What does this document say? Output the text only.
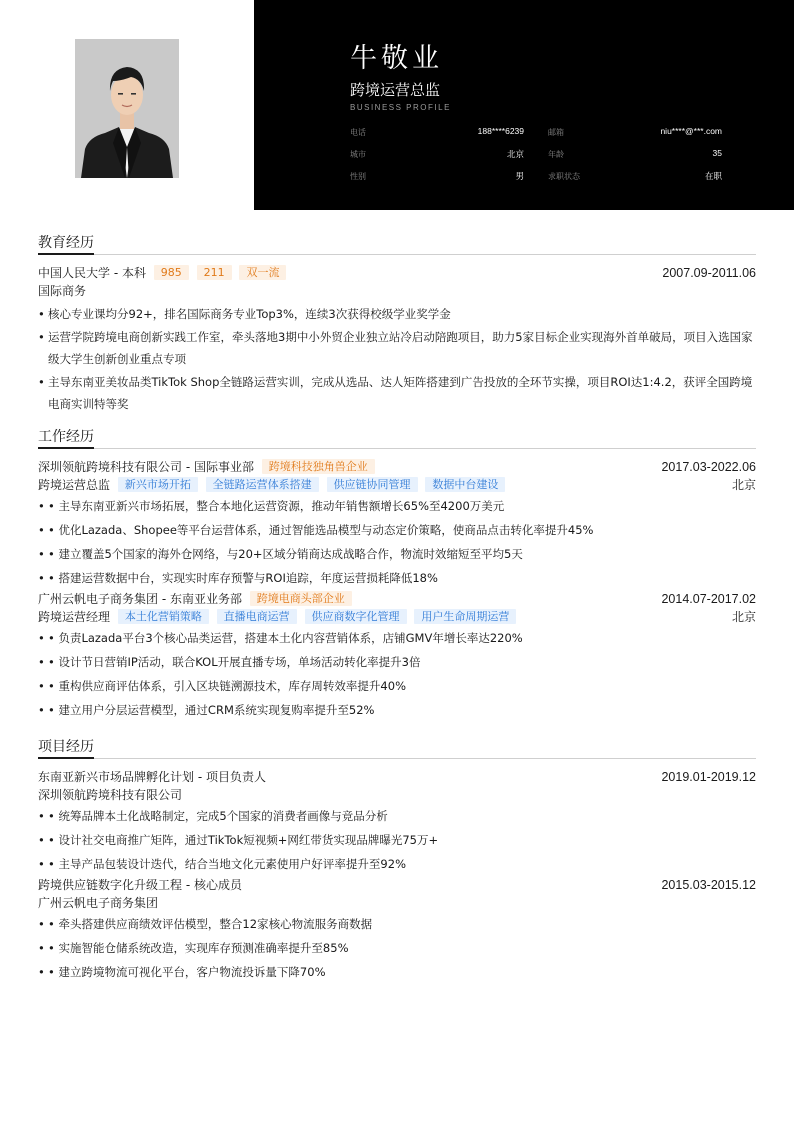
牛敬业
跨境运营总监
BUSINESS PROFILE
电话	188****6239	邮箱	niu****@***.com
城市	北京	年龄	35
性别	男	求职状态	在职
教育经历
中国人民大学 - 本科 985 211 双一流	2007.09-2011.06
国际商务
• 核心专业课均分92+，排名国际商务专业Top3%，连续3次获得校级学业奖学金
• 运营学院跨境电商创新实践工作室，牵头落地3期中小外贸企业独立站冷启动陪跑项目，助力5家目标企业实现海外首单破局，项目入选国家级大学生创新创业重点专项
• 主导东南亚美妆品类TikTok Shop全链路运营实训，完成从选品、达人矩阵搭建到广告投放的全环节实操，项目ROI达1:4.2，获评全国跨境电商实训特等奖
工作经历
深圳领航跨境科技有限公司 - 国际事业部 跨境科技独角兽企业	2017.03-2022.06
跨境运营总监 新兴市场开拓 全链路运营体系搭建 供应链协同管理 数据中台建设	北京
• • 主导东南亚新兴市场拓展，整合本地化运营资源，推动年销售额增长65%至4200万美元
• • 优化Lazada、Shopee等平台运营体系，通过智能选品模型与动态定价策略，使商品点击转化率提升45%
• • 建立覆盖5个国家的海外仓网络，与20+区域分销商达成战略合作，物流时效缩短至平均5天
• • 搭建运营数据中台，实现实时库存预警与ROI追踪，年度运营损耗降低18%
广州云帆电子商务集团 - 东南亚业务部 跨境电商头部企业	2014.07-2017.02
跨境运营经理 本土化营销策略 直播电商运营 供应商数字化管理 用户生命周期运营	北京
• • 负责Lazada平台3个核心品类运营，搭建本土化内容营销体系，店铺GMV年增长率达220%
• • 设计节日营销IP活动，联合KOL开展直播专场，单场活动转化率提升3倍
• • 重构供应商评估体系，引入区块链溯源技术，库存周转效率提升40%
• • 建立用户分层运营模型，通过CRM系统实现复购率提升至52%
项目经历
东南亚新兴市场品牌孵化计划 - 项目负责人	2019.01-2019.12
深圳领航跨境科技有限公司
• • 统筹品牌本土化战略制定，完成5个国家的消费者画像与竞品分析
• • 设计社交电商推广矩阵，通过TikTok短视频+网红带货实现品牌曝光75万+
• • 主导产品包装设计迭代，结合当地文化元素使用户好评率提升至92%
跨境供应链数字化升级工程 - 核心成员	2015.03-2015.12
广州云帆电子商务集团
• • 牵头搭建供应商绩效评估模型，整合12家核心物流服务商数据
• • 实施智能仓储系统改造，实现库存预测准确率提升至85%
• • 建立跨境物流可视化平台，客户物流投诉量下降70%
